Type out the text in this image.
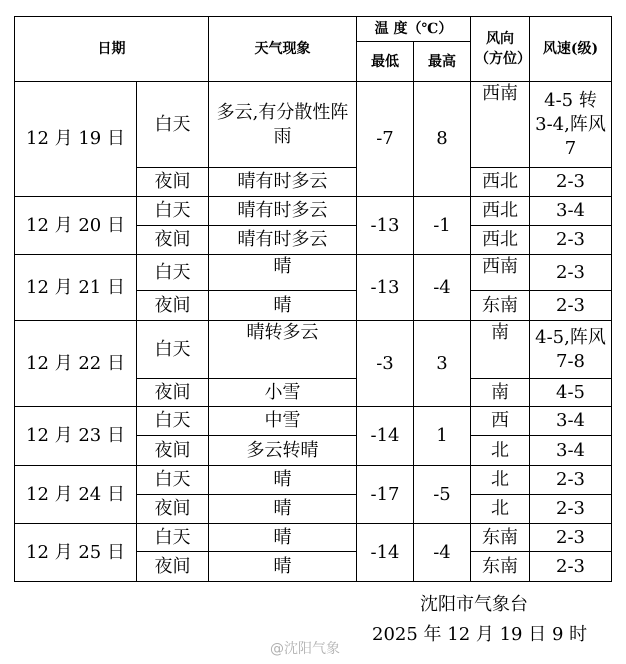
日期		天气现象	温 度（℃）		风向（方位）	风速(级)
			最低	最高		
12 月 19 日	白天	多云,有分散性阵雨	-7	8	西南	4-5 转 3-4,阵风 7

	夜间	晴有时多云			西北	2-3
12 月 20 日	白天	晴有时多云	-13	-1	西北	3-4
	夜间	晴有时多云			西北	2-3
12 月 21 日	白天	晴	-13	-4	西南	2-3
	夜间	晴			东南	2-3
12 月 22 日	白天	晴转多云	-3	3	南	4-5,阵风 7-8

	夜间	小雪			南	4-5
12 月 23 日	白天	中雪	-14	1	西	3-4
	夜间	多云转晴			北	3-4
12 月 24 日	白天	晴	-17	-5	北	2-3
	夜间	晴			北	2-3
12 月 25 日	白天	晴	-14	-4	东南	2-3
	夜间	晴			东南	2-3
沈阳市气象台
2025 年 12 月 19 日 9 时
@沈阳气象
